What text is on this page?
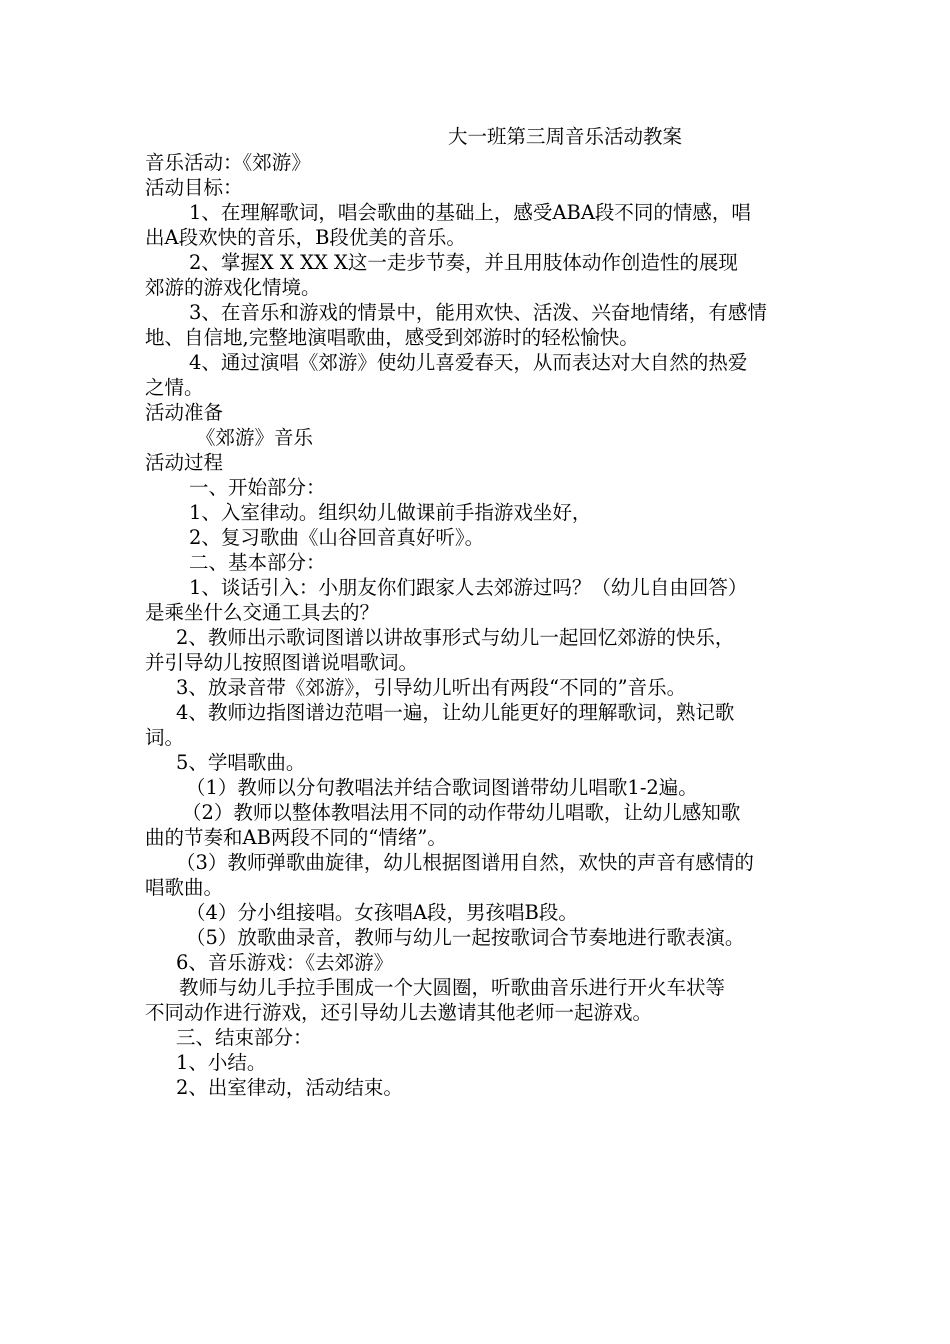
大一班第三周音乐活动教案
音乐活动：《郊游》
活动目标：
1、在理解歌词，唱会歌曲的基础上，感受ABA段不同的情感，唱
出A段欢快的音乐，B段优美的音乐。
2、掌握X X XX X这一走步节奏，并且用肢体动作创造性的展现
郊游的游戏化情境。
3、在音乐和游戏的情景中，能用欢快、活泼、兴奋地情绪，有感情
地、自信地,完整地演唱歌曲，感受到郊游时的轻松愉快。
4、通过演唱《郊游》使幼儿喜爱春天，从而表达对大自然的热爱
之情。
活动准备
《郊游》音乐
活动过程
一、开始部分：
1、入室律动。组织幼儿做课前手指游戏坐好，
2、复习歌曲《山谷回音真好听》。
二、基本部分：
1、谈话引入：小朋友你们跟家人去郊游过吗？（幼儿自由回答）
是乘坐什么交通工具去的？
2、教师出示歌词图谱以讲故事形式与幼儿一起回忆郊游的快乐，
并引导幼儿按照图谱说唱歌词。
3、放录音带《郊游》，引导幼儿听出有两段“不同的”音乐。
4、教师边指图谱边范唱一遍，让幼儿能更好的理解歌词，熟记歌
词。
5、学唱歌曲。
（1）教师以分句教唱法并结合歌词图谱带幼儿唱歌1-2遍。
（2）教师以整体教唱法用不同的动作带幼儿唱歌，让幼儿感知歌
曲的节奏和AB两段不同的“情绪”。
（3）教师弹歌曲旋律，幼儿根据图谱用自然，欢快的声音有感情的
唱歌曲。
（4）分小组接唱。女孩唱A段，男孩唱B段。
（5）放歌曲录音，教师与幼儿一起按歌词合节奏地进行歌表演。
6、音乐游戏：《去郊游》
教师与幼儿手拉手围成一个大圆圈，听歌曲音乐进行开火车状等
不同动作进行游戏，还引导幼儿去邀请其他老师一起游戏。
三、结束部分：
1、小结。
2、出室律动，活动结束。
